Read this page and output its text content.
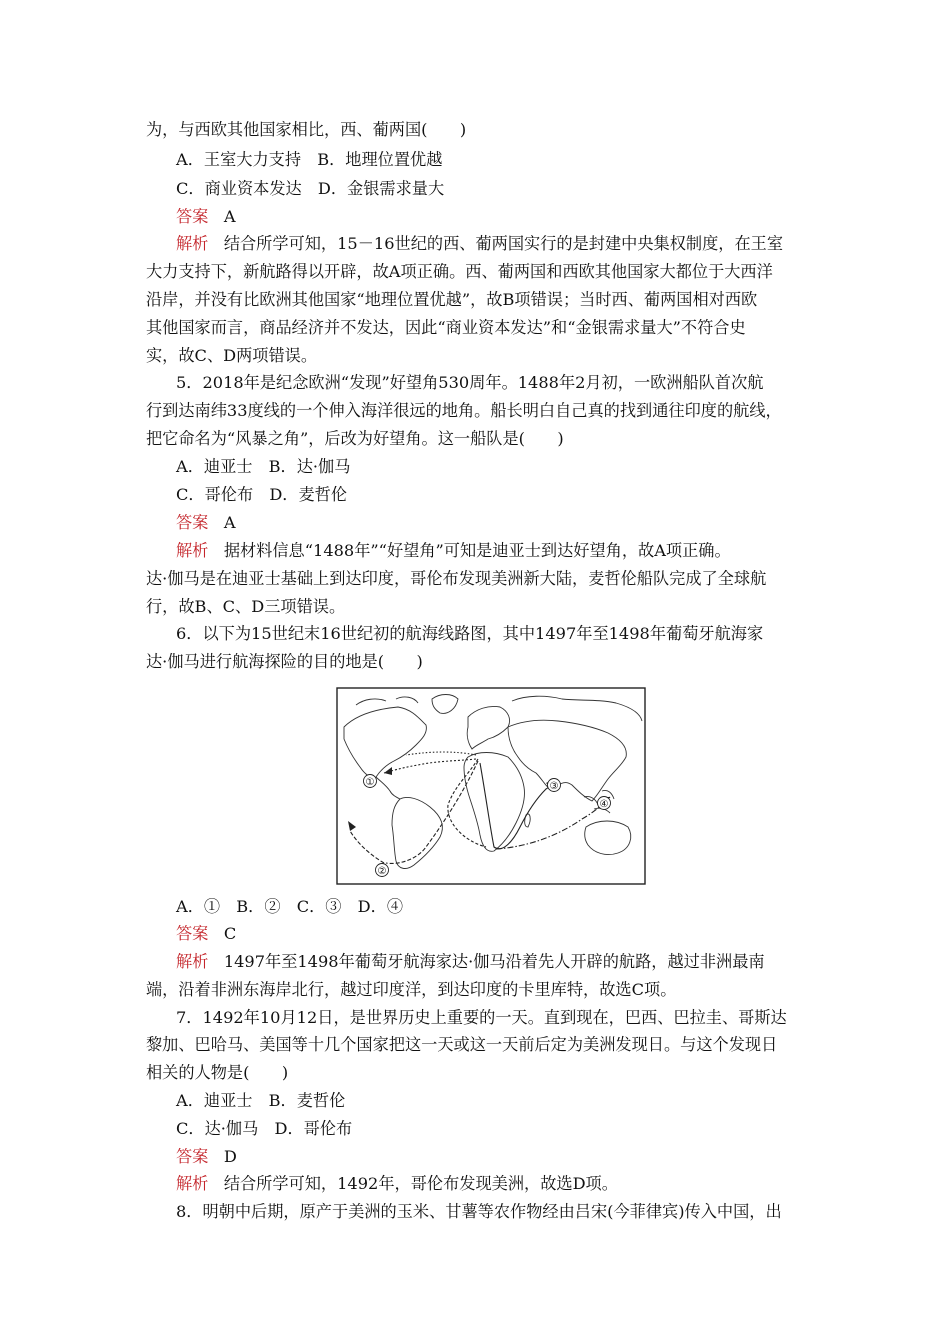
为，与西欧其他国家相比，西、葡两国(　　)
A．王室大力支持　B．地理位置优越
C．商业资本发达　D．金银需求量大
答案 A
解析 结合所学可知，15－16世纪的西、葡两国实行的是封建中央集权制度，在王室
大力支持下，新航路得以开辟，故A项正确。西、葡两国和西欧其他国家大都位于大西洋
沿岸，并没有比欧洲其他国家“地理位置优越”，故B项错误；当时西、葡两国相对西欧
其他国家而言，商品经济并不发达，因此“商业资本发达”和“金银需求量大”不符合史
实，故C、D两项错误。
5．2018年是纪念欧洲“发现”好望角530周年。1488年2月初，一欧洲船队首次航
行到达南纬33度线的一个伸入海洋很远的地角。船长明白自己真的找到通往印度的航线，
把它命名为“风暴之角”，后改为好望角。这一船队是(　　)
A．迪亚士　B．达·伽马
C．哥伦布　D．麦哲伦
答案 A
解析 据材料信息“1488年”“好望角”可知是迪亚士到达好望角，故A项正确。
达·伽马是在迪亚士基础上到达印度，哥伦布发现美洲新大陆，麦哲伦船队完成了全球航
行，故B、C、D三项错误。
6．以下为15世纪末16世纪初的航海线路图，其中1497年至1498年葡萄牙航海家
达·伽马进行航海探险的目的地是(　　)
①
②
③
④
A．①　B．②　C．③　D．④
答案 C
解析 1497年至1498年葡萄牙航海家达·伽马沿着先人开辟的航路，越过非洲最南
端，沿着非洲东海岸北行，越过印度洋，到达印度的卡里库特，故选C项。
7．1492年10月12日，是世界历史上重要的一天。直到现在，巴西、巴拉圭、哥斯达
黎加、巴哈马、美国等十几个国家把这一天或这一天前后定为美洲发现日。与这个发现日
相关的人物是(　　)
A．迪亚士　B．麦哲伦
C．达·伽马　D．哥伦布
答案 D
解析 结合所学可知，1492年，哥伦布发现美洲，故选D项。
8．明朝中后期，原产于美洲的玉米、甘薯等农作物经由吕宋(今菲律宾)传入中国，出
